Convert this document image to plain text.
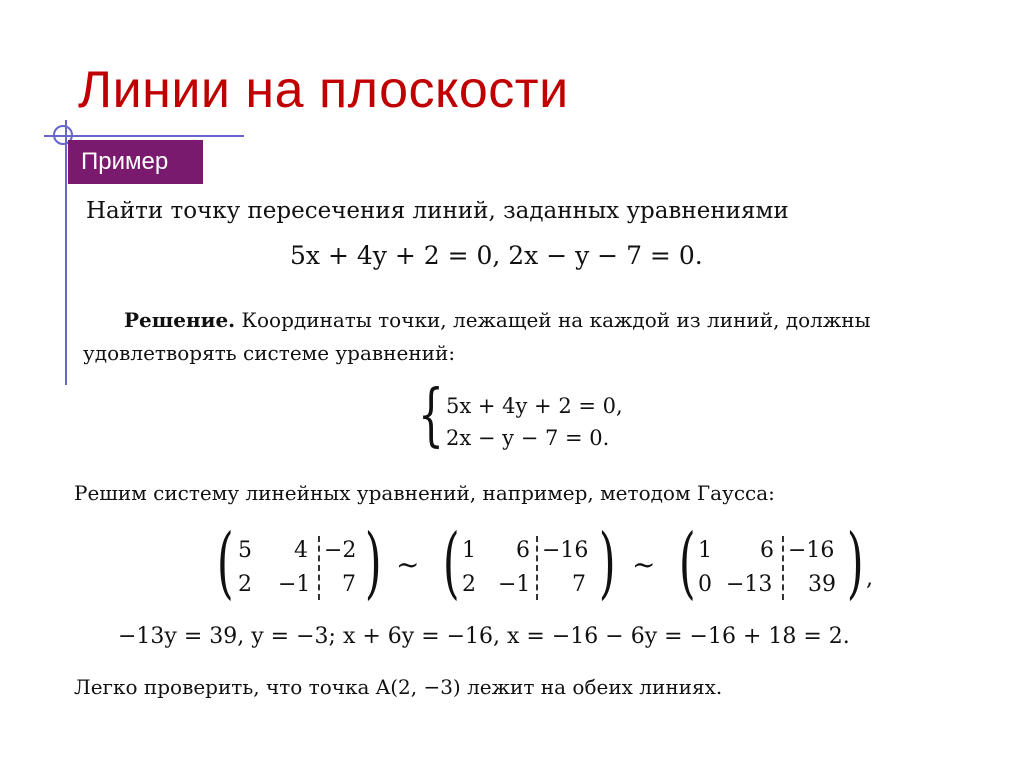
Линии на плоскости
Пример
Найти точку пересечения линий, заданных уравнениями
5x + 4y + 2 = 0, 2x − y − 7 = 0.
Решение. Координаты точки, лежащей на каждой из линий, должны
удовлетворять системе уравнений:
{ 5x + 4y + 2 = 0,
2x − y − 7 = 0.
Решим систему линейных уравнений, например, методом Гаусса:
( 5 4 −2
2 −1 7 ) ~ ( 1 6 −16
2 −1 7 ) ~ ( 1 6 −16
0 −13 39 ) ,
−13y = 39, y = −3; x + 6y = −16, x = −16 − 6y = −16 + 18 = 2.
Легко проверить, что точка A(2, −3) лежит на обеих линиях.
